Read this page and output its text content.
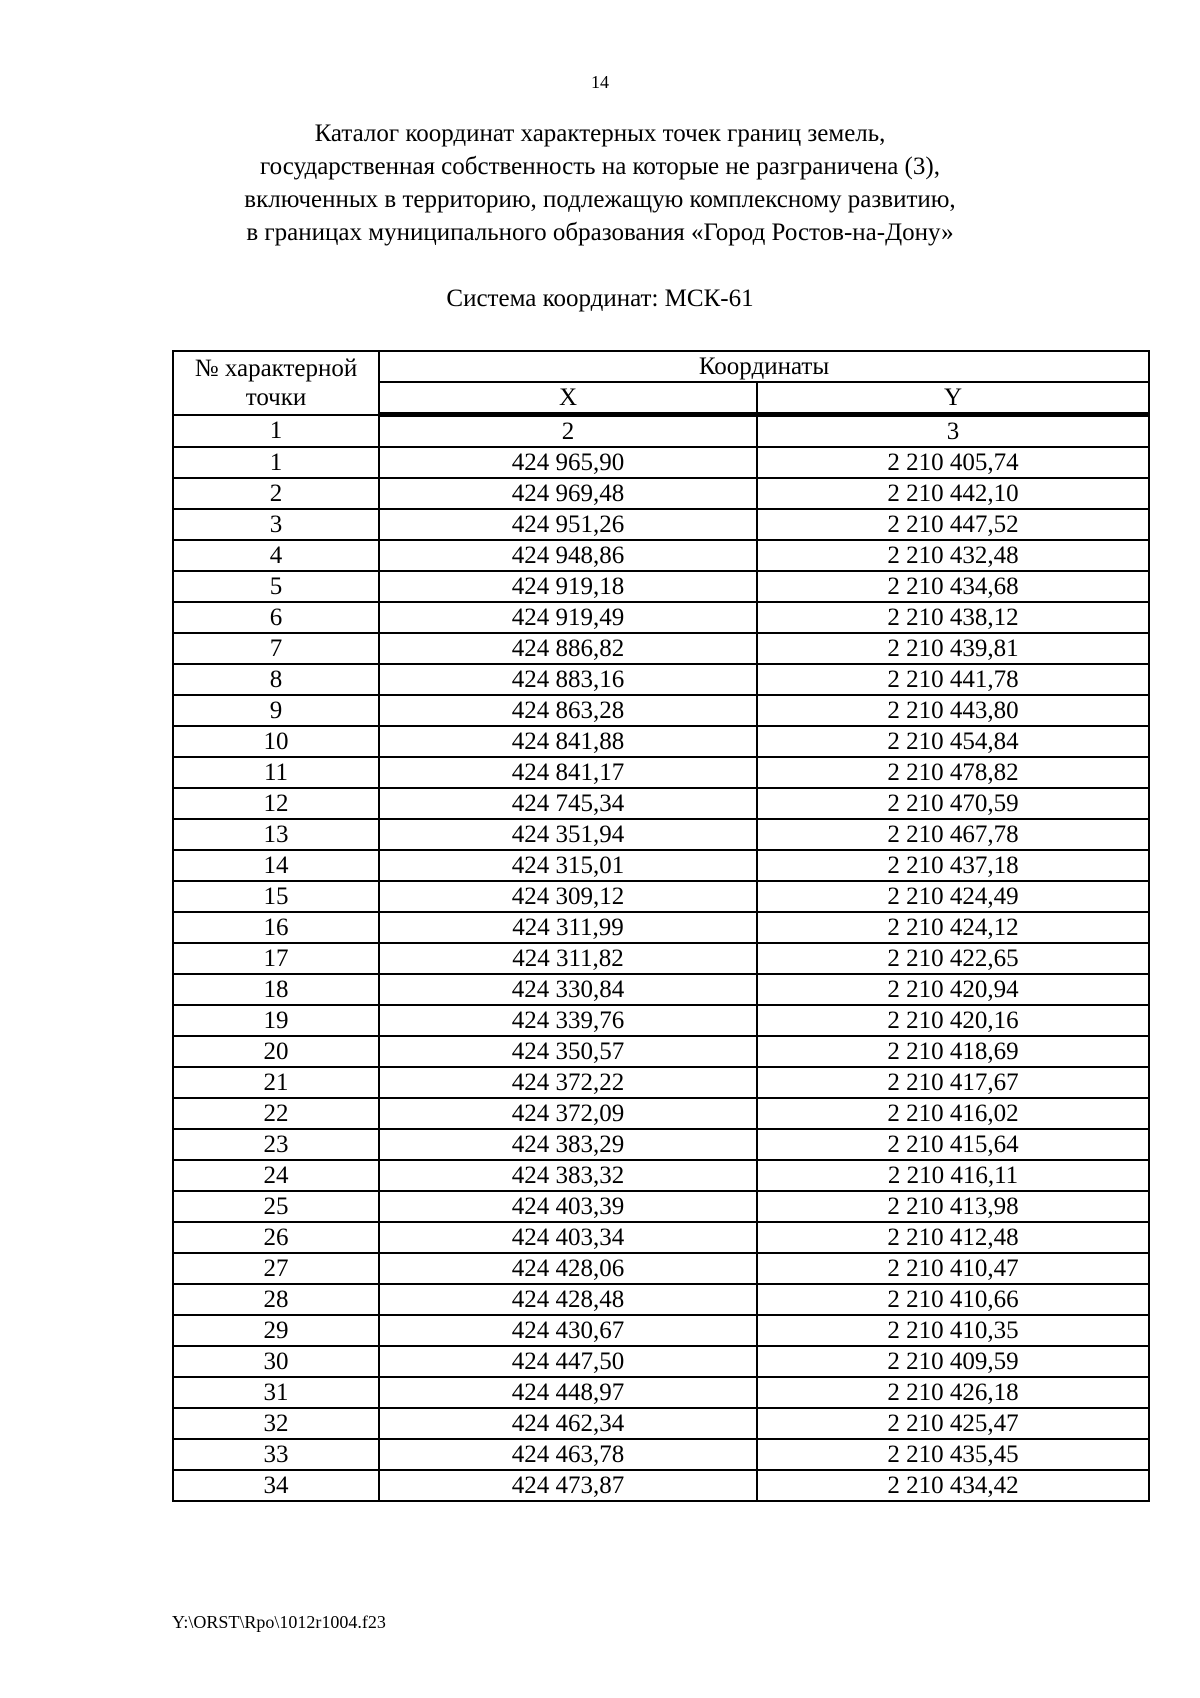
14
Каталог координат характерных точек границ земель,
государственная собственность на которые не разграничена (3),
включенных в территорию, подлежащую комплексному развитию,
в границах муниципального образования «Город Ростов-на-Дону»
Система координат: МСК-61
№ характерной точки	Координаты	
	X	Y
1	2	3
1	424 965,90	2 210 405,74
2	424 969,48	2 210 442,10
3	424 951,26	2 210 447,52
4	424 948,86	2 210 432,48
5	424 919,18	2 210 434,68
6	424 919,49	2 210 438,12
7	424 886,82	2 210 439,81
8	424 883,16	2 210 441,78
9	424 863,28	2 210 443,80
10	424 841,88	2 210 454,84
11	424 841,17	2 210 478,82
12	424 745,34	2 210 470,59
13	424 351,94	2 210 467,78
14	424 315,01	2 210 437,18
15	424 309,12	2 210 424,49
16	424 311,99	2 210 424,12
17	424 311,82	2 210 422,65
18	424 330,84	2 210 420,94
19	424 339,76	2 210 420,16
20	424 350,57	2 210 418,69
21	424 372,22	2 210 417,67
22	424 372,09	2 210 416,02
23	424 383,29	2 210 415,64
24	424 383,32	2 210 416,11
25	424 403,39	2 210 413,98
26	424 403,34	2 210 412,48
27	424 428,06	2 210 410,47
28	424 428,48	2 210 410,66
29	424 430,67	2 210 410,35
30	424 447,50	2 210 409,59
31	424 448,97	2 210 426,18
32	424 462,34	2 210 425,47
33	424 463,78	2 210 435,45
34	424 473,87	2 210 434,42
Y:\ORST\Rpo\1012r1004.f23
